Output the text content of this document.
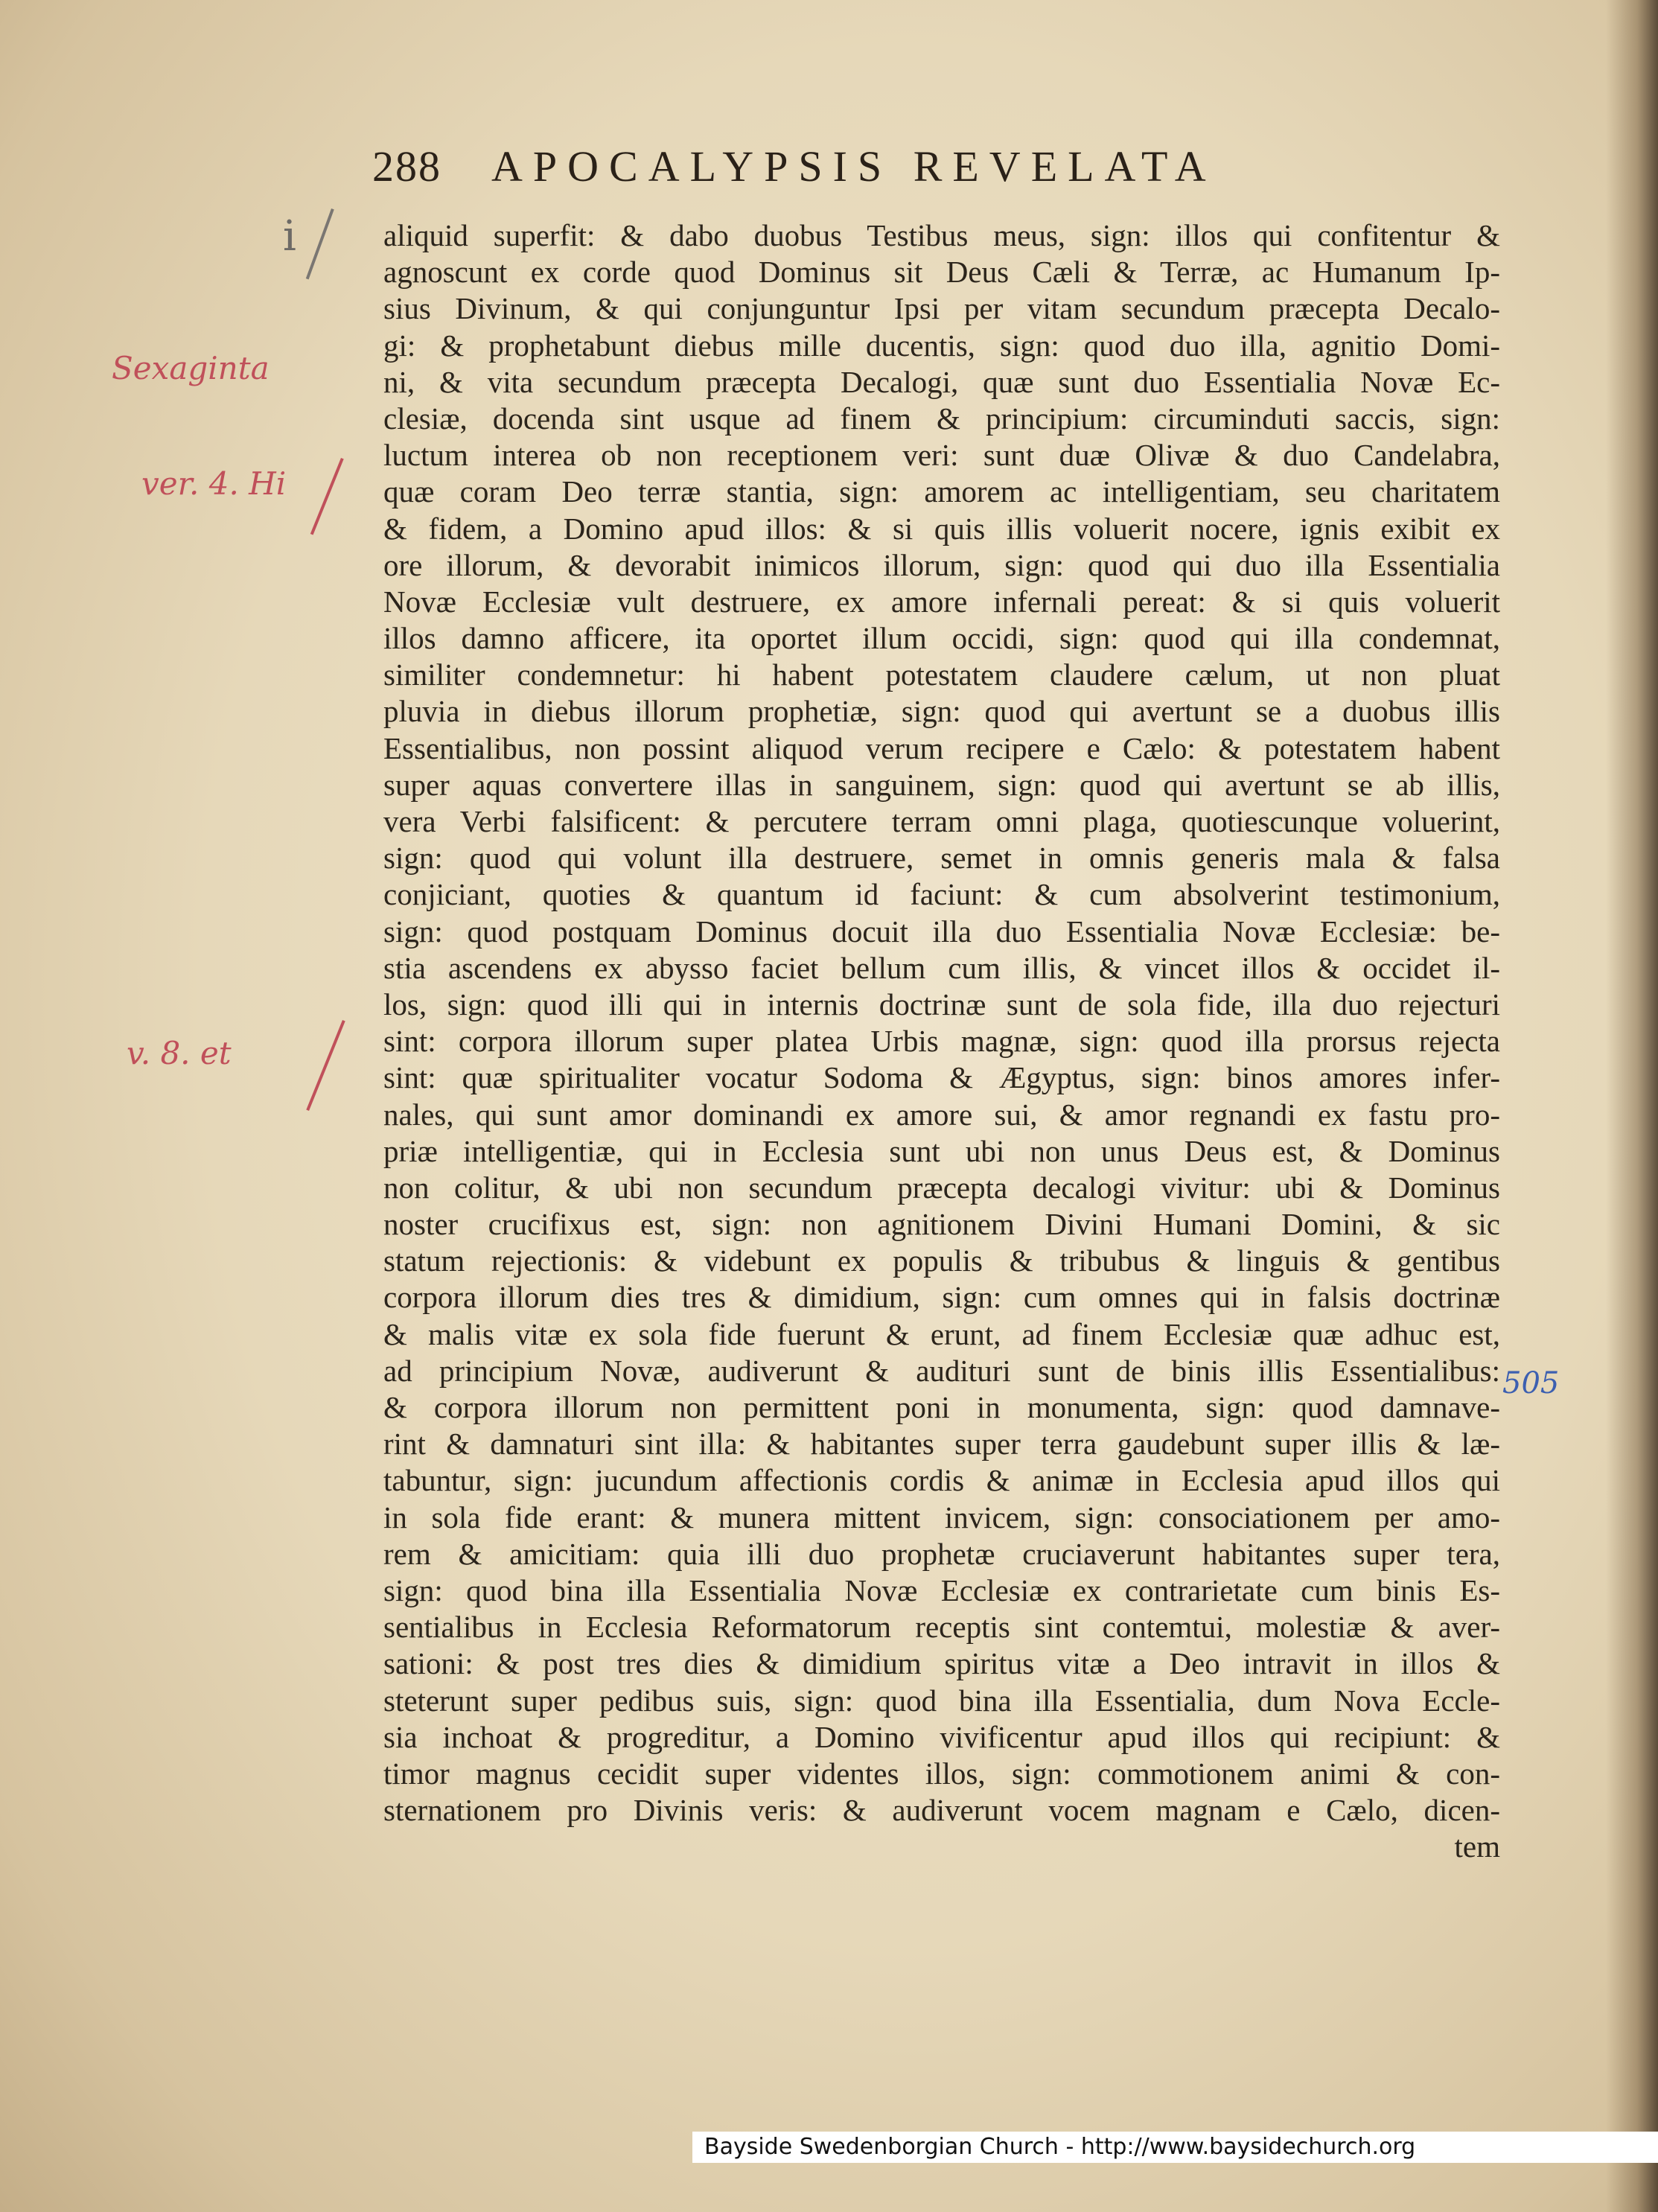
288 APOCALYPSIS REVELATA
i
Sexaginta
ver. 4. Hi
v. 8. et
505
aliquid superfit: & dabo duobus Testibus meus, sign: illos qui confitentur &
agnoscunt ex corde quod Dominus sit Deus Cæli & Terræ, ac Humanum Ip-
sius Divinum, & qui conjunguntur Ipsi per vitam secundum præcepta Decalo-
gi: & prophetabunt diebus mille ducentis, sign: quod duo illa, agnitio Domi-
ni, & vita secundum præcepta Decalogi, quæ sunt duo Essentialia Novæ Ec-
clesiæ, docenda sint usque ad finem & principium: circuminduti saccis, sign:
luctum interea ob non receptionem veri: sunt duæ Olivæ & duo Candelabra,
quæ coram Deo terræ stantia, sign: amorem ac intelligentiam, seu charitatem
& fidem, a Domino apud illos: & si quis illis voluerit nocere, ignis exibit ex
ore illorum, & devorabit inimicos illorum, sign: quod qui duo illa Essentialia
Novæ Ecclesiæ vult destruere, ex amore infernali pereat: & si quis voluerit
illos damno afficere, ita oportet illum occidi, sign: quod qui illa condemnat,
similiter condemnetur: hi habent potestatem claudere cælum, ut non pluat
pluvia in diebus illorum prophetiæ, sign: quod qui avertunt se a duobus illis
Essentialibus, non possint aliquod verum recipere e Cælo: & potestatem habent
super aquas convertere illas in sanguinem, sign: quod qui avertunt se ab illis,
vera Verbi falsificent: & percutere terram omni plaga, quotiescunque voluerint,
sign: quod qui volunt illa destruere, semet in omnis generis mala & falsa
conjiciant, quoties & quantum id faciunt: & cum absolverint testimonium,
sign: quod postquam Dominus docuit illa duo Essentialia Novæ Ecclesiæ: be-
stia ascendens ex abysso faciet bellum cum illis, & vincet illos & occidet il-
los, sign: quod illi qui in internis doctrinæ sunt de sola fide, illa duo rejecturi
sint: corpora illorum super platea Urbis magnæ, sign: quod illa prorsus rejecta
sint: quæ spiritualiter vocatur Sodoma & Ægyptus, sign: binos amores infer-
nales, qui sunt amor dominandi ex amore sui, & amor regnandi ex fastu pro-
priæ intelligentiæ, qui in Ecclesia sunt ubi non unus Deus est, & Dominus
non colitur, & ubi non secundum præcepta decalogi vivitur: ubi & Dominus
noster crucifixus est, sign: non agnitionem Divini Humani Domini, & sic
statum rejectionis: & videbunt ex populis & tribubus & linguis & gentibus
corpora illorum dies tres & dimidium, sign: cum omnes qui in falsis doctrinæ
& malis vitæ ex sola fide fuerunt & erunt, ad finem Ecclesiæ quæ adhuc est,
ad principium Novæ, audiverunt & audituri sunt de binis illis Essentialibus:
& corpora illorum non permittent poni in monumenta, sign: quod damnave-
rint & damnaturi sint illa: & habitantes super terra gaudebunt super illis & læ-
tabuntur, sign: jucundum affectionis cordis & animæ in Ecclesia apud illos qui
in sola fide erant: & munera mittent invicem, sign: consociationem per amo-
rem & amicitiam: quia illi duo prophetæ cruciaverunt habitantes super tera,
sign: quod bina illa Essentialia Novæ Ecclesiæ ex contrarietate cum binis Es-
sentialibus in Ecclesia Reformatorum receptis sint contemtui, molestiæ & aver-
sationi: & post tres dies & dimidium spiritus vitæ a Deo intravit in illos &
steterunt super pedibus suis, sign: quod bina illa Essentialia, dum Nova Eccle-
sia inchoat & progreditur, a Domino vivificentur apud illos qui recipiunt: &
timor magnus cecidit super videntes illos, sign: commotionem animi & con-
sternationem pro Divinis veris: & audiverunt vocem magnam e Cælo, dicen-
tem
Bayside Swedenborgian Church - http://www.baysidechurch.org
